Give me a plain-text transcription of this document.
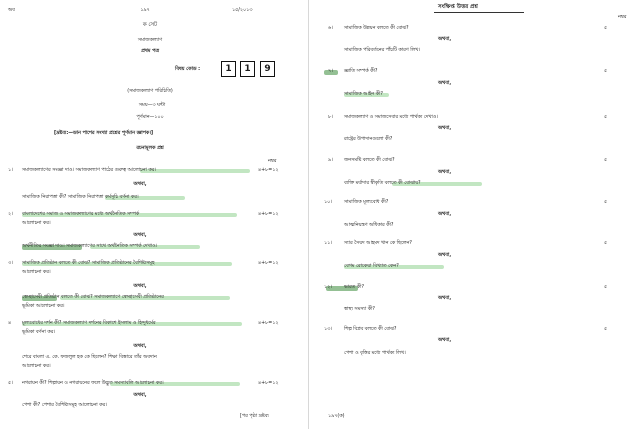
অব	১৯৭	১৫/২০১৩
ক সেট
সমাজকল্যাণ
প্রথম পত্র
বিষয় কোড :	1	1	9
(সমাজকল্যাণ পরিচিতি)
সময়—৩ ঘন্টা
পূর্ণমান—১০০
[দ্রষ্টব্য:—ডান পাশের সংখ্যা প্রশ্নের পূর্ণমান জ্ঞাপক।]
রচনামূলক প্রশ্ন
নম্বর
১। সমাজকল্যাণের সংজ্ঞা দাও। সমাজকল্যাণ পাঠের গুরুত্ব আলোচনা কর।	৪+৮=১২
অথবা,
সামাজিক নিরাপত্তা কী? সামাজিক নিরাপত্তা কর্মসূচি বর্ণনা কর।
২। বাংলাদেশের সমাজ ও সমাজকল্যাণের মধ্যে অর্থনৈতিক সম্পর্ক	৪+৮=১২
আলোচনা কর।
অথবা,
অর্থনীতির সংজ্ঞা দাও। সমাজকল্যাণের সাথে অর্থনৈতিক সম্পর্ক দেখাও।
৩। সামাজিক প্রতিষ্ঠান বলতে কী বোঝ? সামাজিক প্রতিষ্ঠানের বৈশিষ্ট্যসমূহ	৪+৮=১২
আলোচনা কর।
অথবা,
স্বেচ্ছাসেবী প্রতিষ্ঠান বলতে কী বোঝ? সমাজকল্যাণে স্বেচ্ছাসেবী প্রতিষ্ঠানের
ভূমিকা আলোচনা কর।
৪ মূল্যবোধের দর্শন কী? সমাজকল্যাণ দর্শনের বিকাশে ইসলাম ও হিন্দুধর্মের	৪+৮=১২
ভূমিকা বর্ণনা কর।
অথবা,
শেরে বাংলা এ. কে. ফজলুল হক কে ছিলেন? শিক্ষা বিস্তারে তাঁর অবদান
আলোচনা কর।
৫। নগরায়ন কী? শিল্পায়ন ও নগরায়নের ফলে উদ্ভূত সমস্যাবলি আলোচনা কর।	৪+৮=১২
অথবা,
পেশা কী? পেশার বৈশিষ্ট্যসমূহ আলোচনা কর।
[পর পৃষ্ঠা দ্রষ্টব্য
সংক্ষিপ্ত উত্তর প্রশ্ন
নম্বর
৬। সামাজিক উন্নয়ন বলতে কী বোঝ?	৫
অথবা,
সামাজিক পরিবর্তনের পাঁচটি কারণ লিখ।
৭। জ্ঞাতি সম্পর্ক কী?	৫
অথবা,
সামাজিক আইন কী?
৮। সমাজকল্যাণ ও সমাজসেবার মধ্যে পার্থক্য দেখাও।	৫
অথবা,
রাষ্ট্রের উপাদানগুলো কী?
৯। জনসমষ্টি বলতে কী বোঝ?	৫
অথবা,
ব্যক্তি মর্যাদার স্বীকৃতি বলতে কী বোঝায়?
১০।	সামাজিক মূল্যবোধ কী?	৫
অথবা,
আত্মনিয়ন্ত্রণ অধিকার কী?
১১।	স্যার সৈয়দ আহমদ খান কে ছিলেন?	৫
অথবা,
বেগম রোকেয়া বিখ্যাত কেন?
১২।	ভারত কী?	৫
অথবা,
স্বাস্থ্য সমস্যা কী?
১৩।	শিল্প বিপ্লব বলতে কী বোঝ?	৫
অথবা,
পেশা ও বৃত্তির মধ্যে পার্থক্য লিখ।
১৯৭(ক)
